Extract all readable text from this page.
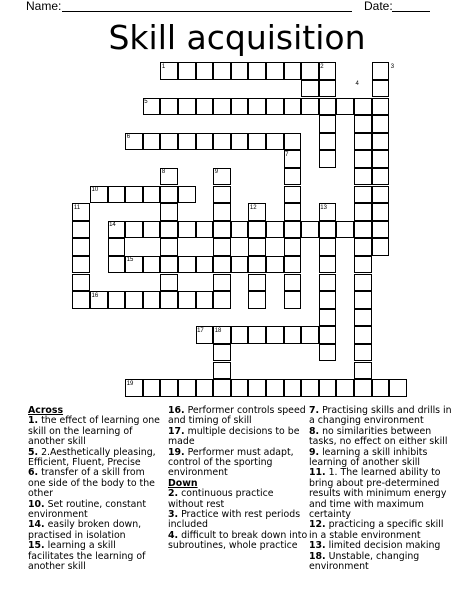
Name:	Date:
Skill acquisition
1	2	3
4
5
6
7
8	9
10
11	12	13
14
15
16
17 18
19
Across
1. the effect of learning one skill on the learning of another skill
5. 2.Aesthetically pleasing, Efficient, Fluent, Precise
6. transfer of a skill from one side of the body to the other
10. Set routine, constant environment
14. easily broken down, practised in isolation
15. learning a skill facilitates the learning of another skill
16. Performer controls speed and timing of skill
17. multiple decisions to be made
19. Performer must adapt, control of the sporting environment
Down
2. continuous practice without rest
3. Practice with rest periods included
4. difficult to break down into subroutines, whole practice
7. Practising skills and drills in a changing environment
8. no similarities between tasks, no effect on either skill
9. learning a skill inhibits learning of another skill
11. 1. The learned ability to bring about pre-determined results with minimum energy and time with maximum certainty
12. practicing a specific skill in a stable environment
13. limited decision making
18. Unstable, changing environment
